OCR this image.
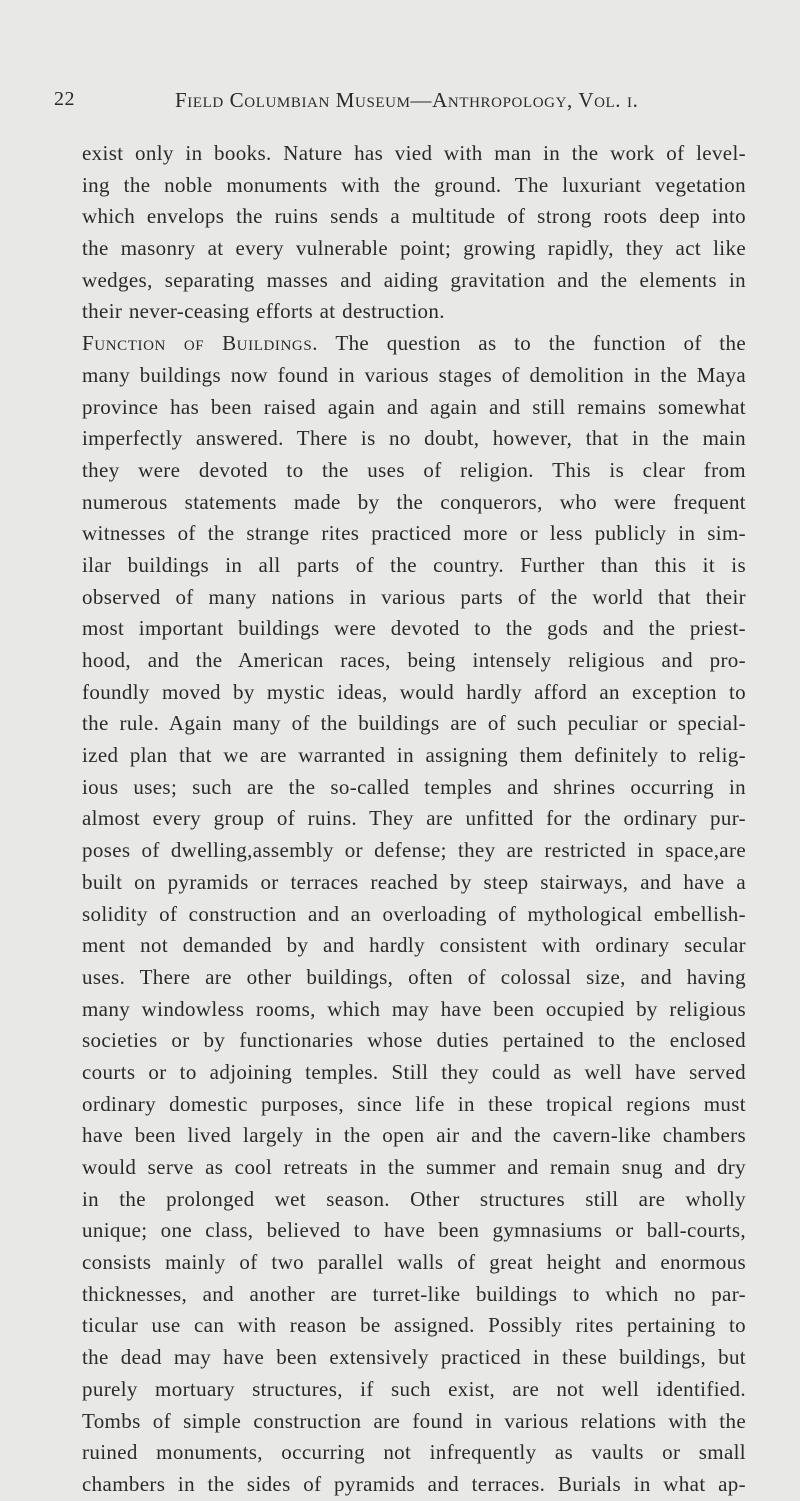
22	Field Columbian Museum—Anthropology, Vol. i.
exist only in books. Nature has vied with man in the work of level-
ing the noble monuments with the ground. The luxuriant vegetation
which envelops the ruins sends a multitude of strong roots deep into
the masonry at every vulnerable point; growing rapidly, they act like
wedges, separating masses and aiding gravitation and the elements in
their never-ceasing efforts at destruction.
Function of Buildings. The question as to the function of the
many buildings now found in various stages of demolition in the Maya
province has been raised again and again and still remains somewhat
imperfectly answered. There is no doubt, however, that in the main
they were devoted to the uses of religion. This is clear from
numerous statements made by the conquerors, who were frequent
witnesses of the strange rites practiced more or less publicly in sim-
ilar buildings in all parts of the country. Further than this it is
observed of many nations in various parts of the world that their
most important buildings were devoted to the gods and the priest-
hood, and the American races, being intensely religious and pro-
foundly moved by mystic ideas, would hardly afford an exception to
the rule. Again many of the buildings are of such peculiar or special-
ized plan that we are warranted in assigning them definitely to relig-
ious uses; such are the so-called temples and shrines occurring in
almost every group of ruins. They are unfitted for the ordinary pur-
poses of dwelling,assembly or defense; they are restricted in space,are
built on pyramids or terraces reached by steep stairways, and have a
solidity of construction and an overloading of mythological embellish-
ment not demanded by and hardly consistent with ordinary secular
uses. There are other buildings, often of colossal size, and having
many windowless rooms, which may have been occupied by religious
societies or by functionaries whose duties pertained to the enclosed
courts or to adjoining temples. Still they could as well have served
ordinary domestic purposes, since life in these tropical regions must
have been lived largely in the open air and the cavern-like chambers
would serve as cool retreats in the summer and remain snug and dry
in the prolonged wet season. Other structures still are wholly
unique; one class, believed to have been gymnasiums or ball-courts,
consists mainly of two parallel walls of great height and enormous
thicknesses, and another are turret-like buildings to which no par-
ticular use can with reason be assigned. Possibly rites pertaining to
the dead may have been extensively practiced in these buildings, but
purely mortuary structures, if such exist, are not well identified.
Tombs of simple construction are found in various relations with the
ruined monuments, occurring not infrequently as vaults or small
chambers in the sides of pyramids and terraces. Burials in what ap-
